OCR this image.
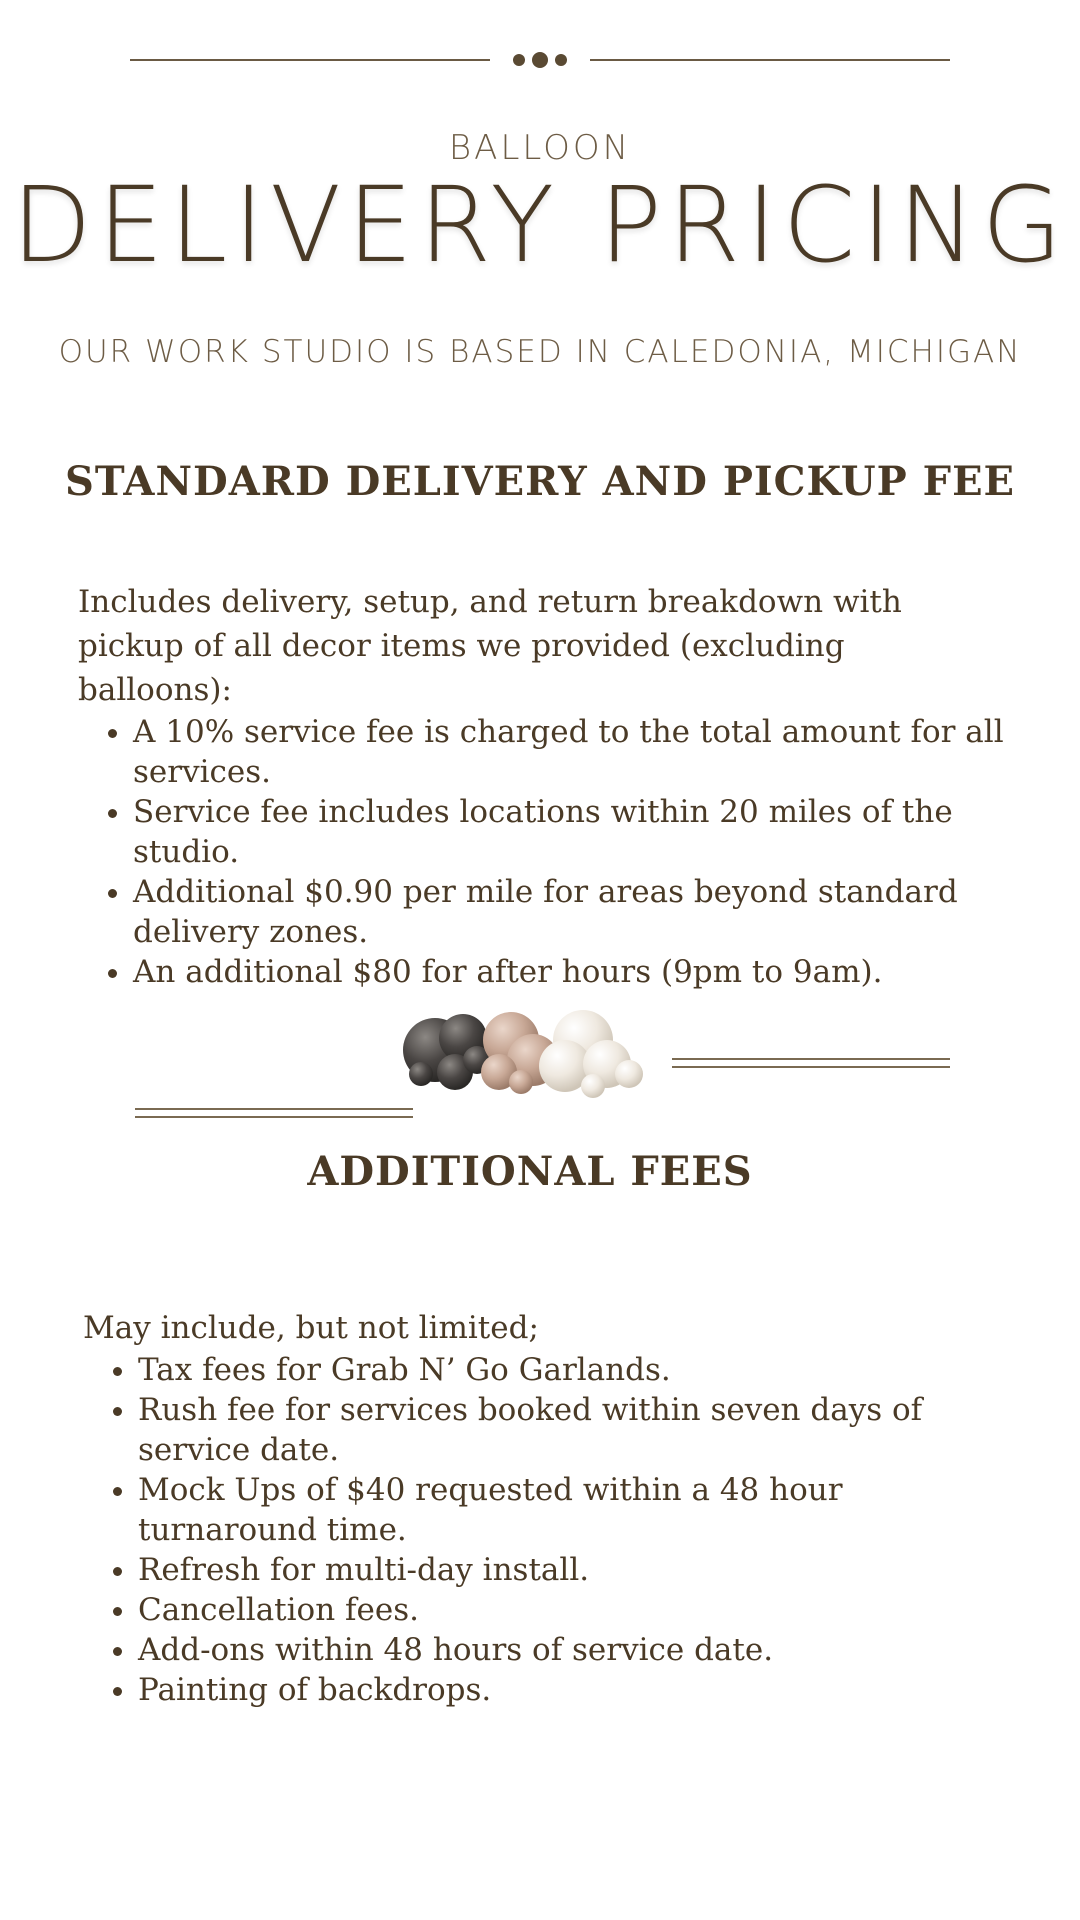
BALLOON
DELIVERY PRICING
OUR WORK STUDIO IS BASED IN CALEDONIA, MICHIGAN
STANDARD DELIVERY AND PICKUP FEE

Includes delivery, setup, and return breakdown with pickup of all decor items we provided (excluding balloons):

• A 10% service fee is charged to the total amount for all services.
• Service fee includes locations within 20 miles of the studio.
• Additional $0.90 per mile for areas beyond standard delivery zones.
• An additional $80 for after hours (9pm to 9am).
ADDITIONAL FEES

May include, but not limited;

• Tax fees for Grab N’ Go Garlands.
• Rush fee for services booked within seven days of service date.
• Mock Ups of $40 requested within a 48 hour turnaround time.
• Refresh for multi-day install.
• Cancellation fees.
• Add-ons within 48 hours of service date.
• Painting of backdrops.
